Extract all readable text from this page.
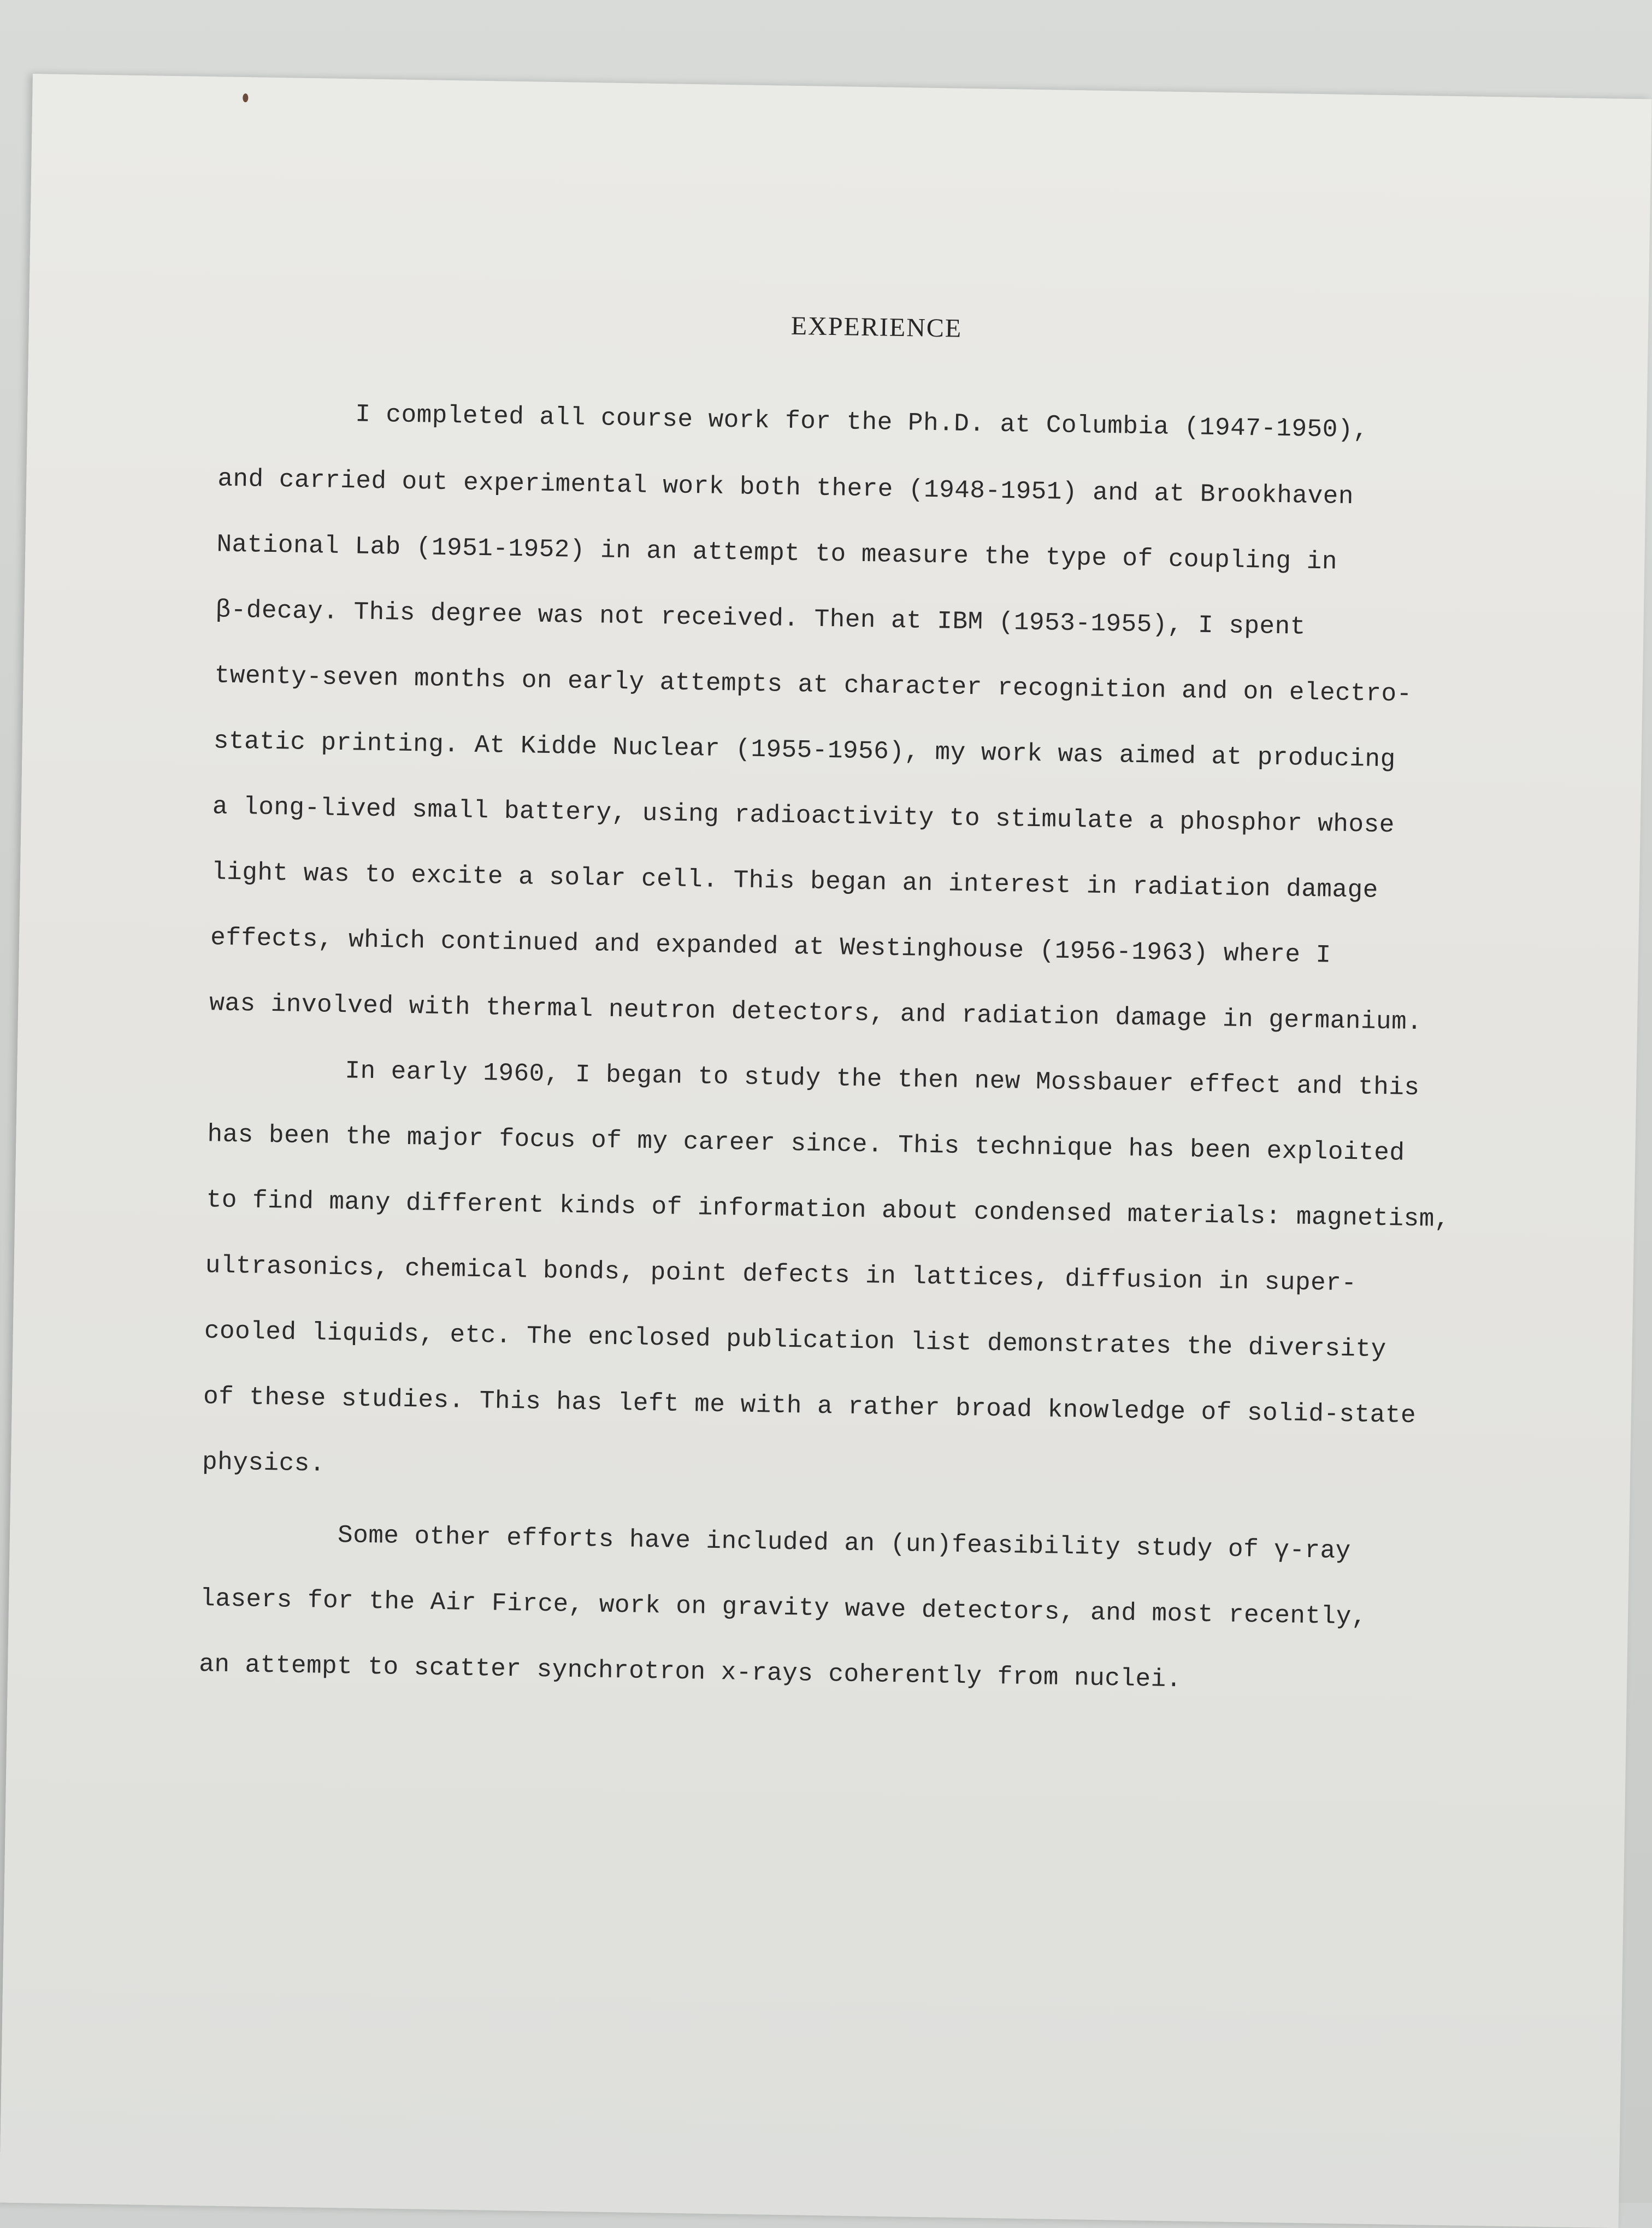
EXPERIENCE
I completed all course work for the Ph.D. at Columbia (1947-1950),
and carried out experimental work both there (1948-1951) and at Brookhaven
National Lab (1951-1952) in an attempt to measure the type of coupling in
β-decay. This degree was not received. Then at IBM (1953-1955), I spent
twenty-seven months on early attempts at character recognition and on electro-
static printing. At Kidde Nuclear (1955-1956), my work was aimed at producing
a long-lived small battery, using radioactivity to stimulate a phosphor whose
light was to excite a solar cell. This began an interest in radiation damage
effects, which continued and expanded at Westinghouse (1956-1963) where I
was involved with thermal neutron detectors, and radiation damage in germanium.
In early 1960, I began to study the then new Mossbauer effect and this
has been the major focus of my career since. This technique has been exploited
to find many different kinds of information about condensed materials: magnetism,
ultrasonics, chemical bonds, point defects in lattices, diffusion in super-
cooled liquids, etc. The enclosed publication list demonstrates the diversity
of these studies. This has left me with a rather broad knowledge of solid-state
physics.
Some other efforts have included an (un)feasibility study of γ-ray
lasers for the Air Firce, work on gravity wave detectors, and most recently,
an attempt to scatter synchrotron x-rays coherently from nuclei.
